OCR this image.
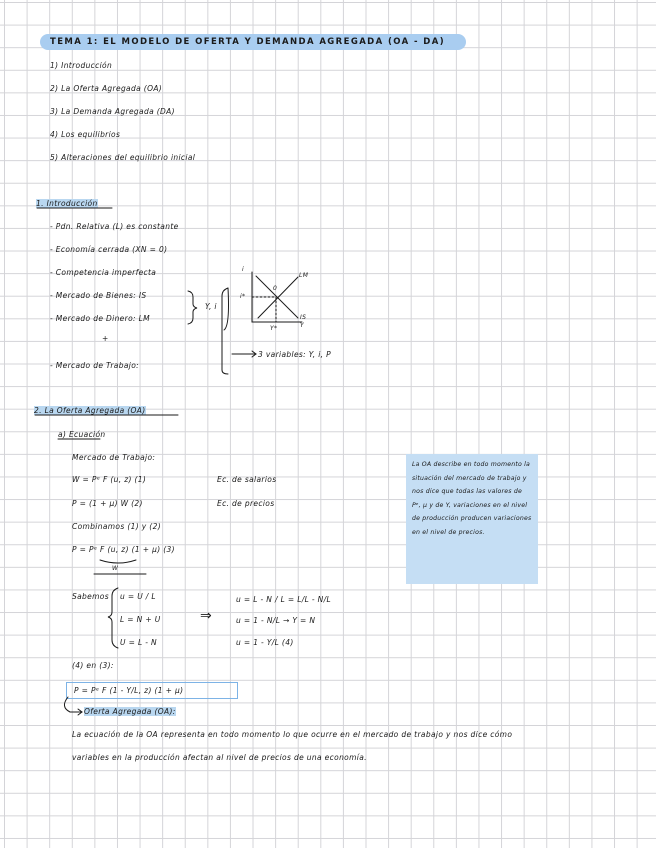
TEMA 1: EL MODELO DE OFERTA Y DEMANDA AGREGADA (OA - DA)
1) Introducción
2) La Oferta Agregada (OA)
3) La Demanda Agregada (DA)
4) Los equilibrios
5) Alteraciones del equilibrio inicial
1. Introducción
- Pdn. Relativa (L) es constante
- Economía cerrada (XN = 0)
- Competencia imperfecta
- Mercado de Bienes: IS
- Mercado de Dinero: LM
+
- Mercado de Trabajo:
Y, i
3 variables: Y, i, P
i
i*
0
LM
IS
Y
Y*
2. La Oferta Agregada (OA)
a) Ecuación
Mercado de Trabajo:
W = Pᵉ F (u, z) (1)	Ec. de salarios
P = (1 + μ) W (2)	Ec. de precios
Combinamos (1) y (2)
P = Pᵉ F (u, z) (1 + μ) (3)
W
Sabemos u = U / L
L = N + U
U = L - N
⇒
u = L - N / L = L/L - N/L
u = 1 - N/L → Y = N
u = 1 - Y/L (4)
(4) en (3):
P = Pᵉ F (1 - Y/L, z) (1 + μ)
Oferta Agregada (OA):
La ecuación de la OA representa en todo momento lo que ocurre en el mercado de trabajo y nos dice cómo
variables en la producción afectan al nivel de precios de una economía.
La OA describe en todo momento la situación del mercado de trabajo y nos dice que todas las valores de Pᵉ, μ y de Y, variaciones en el nivel de producción producen variaciones en el nivel de precios.
